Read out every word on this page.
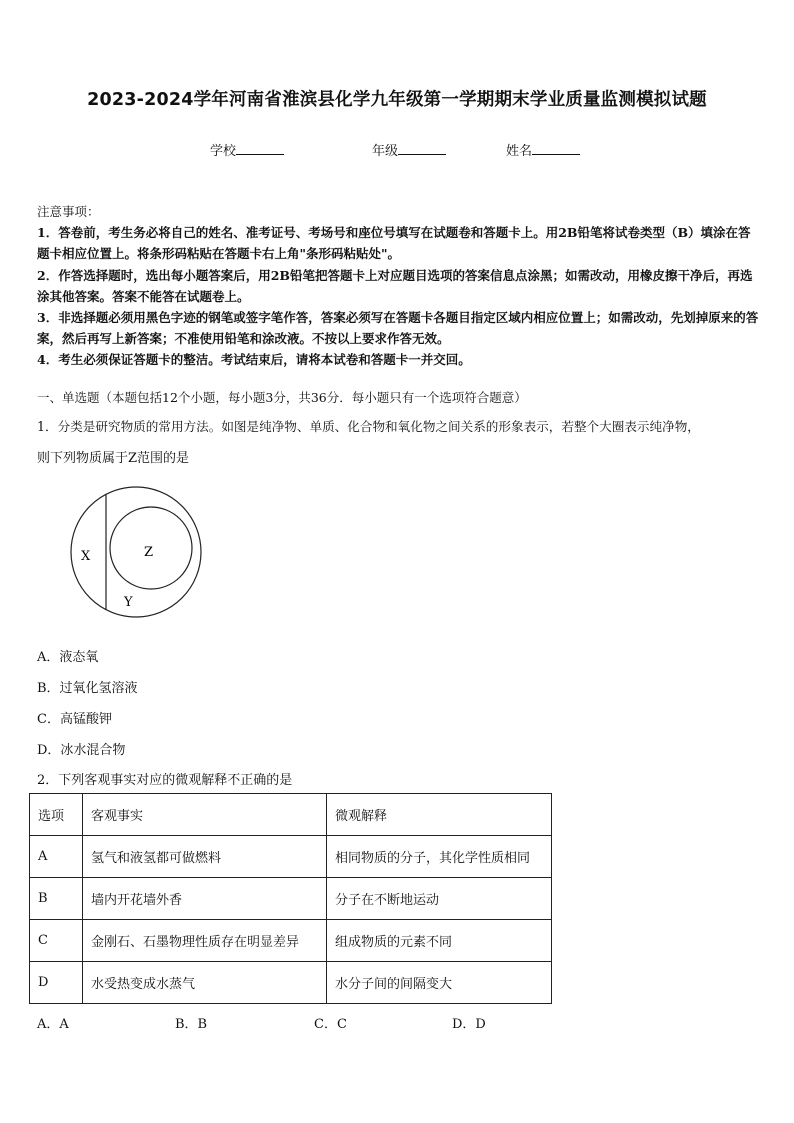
2023-2024学年河南省淮滨县化学九年级第一学期期末学业质量监测模拟试题
学校	年级	姓名

注意事项：

1．答卷前，考生务必将自己的姓名、准考证号、考场号和座位号填写在试题卷和答题卡上。用2B铅笔将试卷类型（B）填涂在答题卡相应位置上。将条形码粘贴在答题卡右上角"条形码粘贴处"。

2．作答选择题时，选出每小题答案后，用2B铅笔把答题卡上对应题目选项的答案信息点涂黑；如需改动，用橡皮擦干净后，再选涂其他答案。答案不能答在试题卷上。

3．非选择题必须用黑色字迹的钢笔或签字笔作答，答案必须写在答题卡各题目指定区域内相应位置上；如需改动，先划掉原来的答案，然后再写上新答案；不准使用铅笔和涂改液。不按以上要求作答无效。

4．考生必须保证答题卡的整洁。考试结束后，请将本试卷和答题卡一并交回。

一、单选题（本题包括12个小题，每小题3分，共36分．每小题只有一个选项符合题意）
1．分类是研究物质的常用方法。如图是纯净物、单质、化合物和氧化物之间关系的形象表示，若整个大圈表示纯净物，
则下列物质属于Z范围的是
X	Z
Y
A．液态氧
B．过氧化氢溶液
C．高锰酸钾
D．冰水混合物
2．下列客观事实对应的微观解释不正确的是
选项	客观事实	微观解释
A	氢气和液氢都可做燃料	相同物质的分子，其化学性质相同
B	墙内开花墙外香	分子在不断地运动
C	金刚石、石墨物理性质存在明显差异	组成物质的元素不同
D	水受热变成水蒸气	水分子间的间隔变大
A．A	B．B	C．C	D．D
